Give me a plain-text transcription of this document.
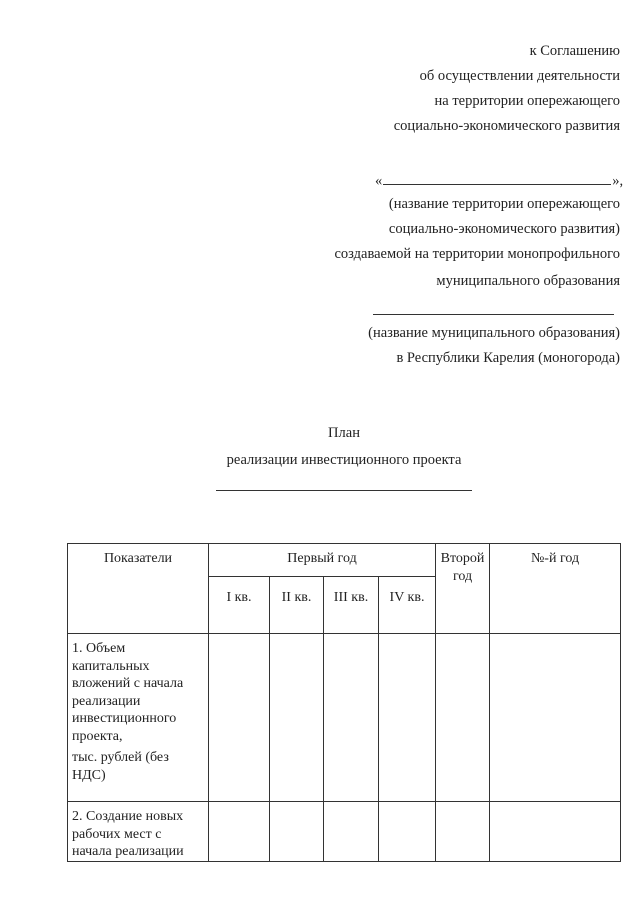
к Соглашению
об осуществлении деятельности
на территории опережающего
социально-экономического развития
«	»,
(название территории опережающего
социально-экономического развития)
создаваемой на территории монопрофильного
муниципального образования
(название муниципального образования)
в Республики Карелия (моногорода)
План
реализации инвестиционного проекта
Показатели	Первый год				Второй год	№-й год
	I кв.	II кв.	III кв.	IV кв.		

1. Объем капитальных вложений с начала реализации инвестиционного проекта,

тыс. рублей (без НДС)						

2. Создание новых рабочих мест с начала реализации						
